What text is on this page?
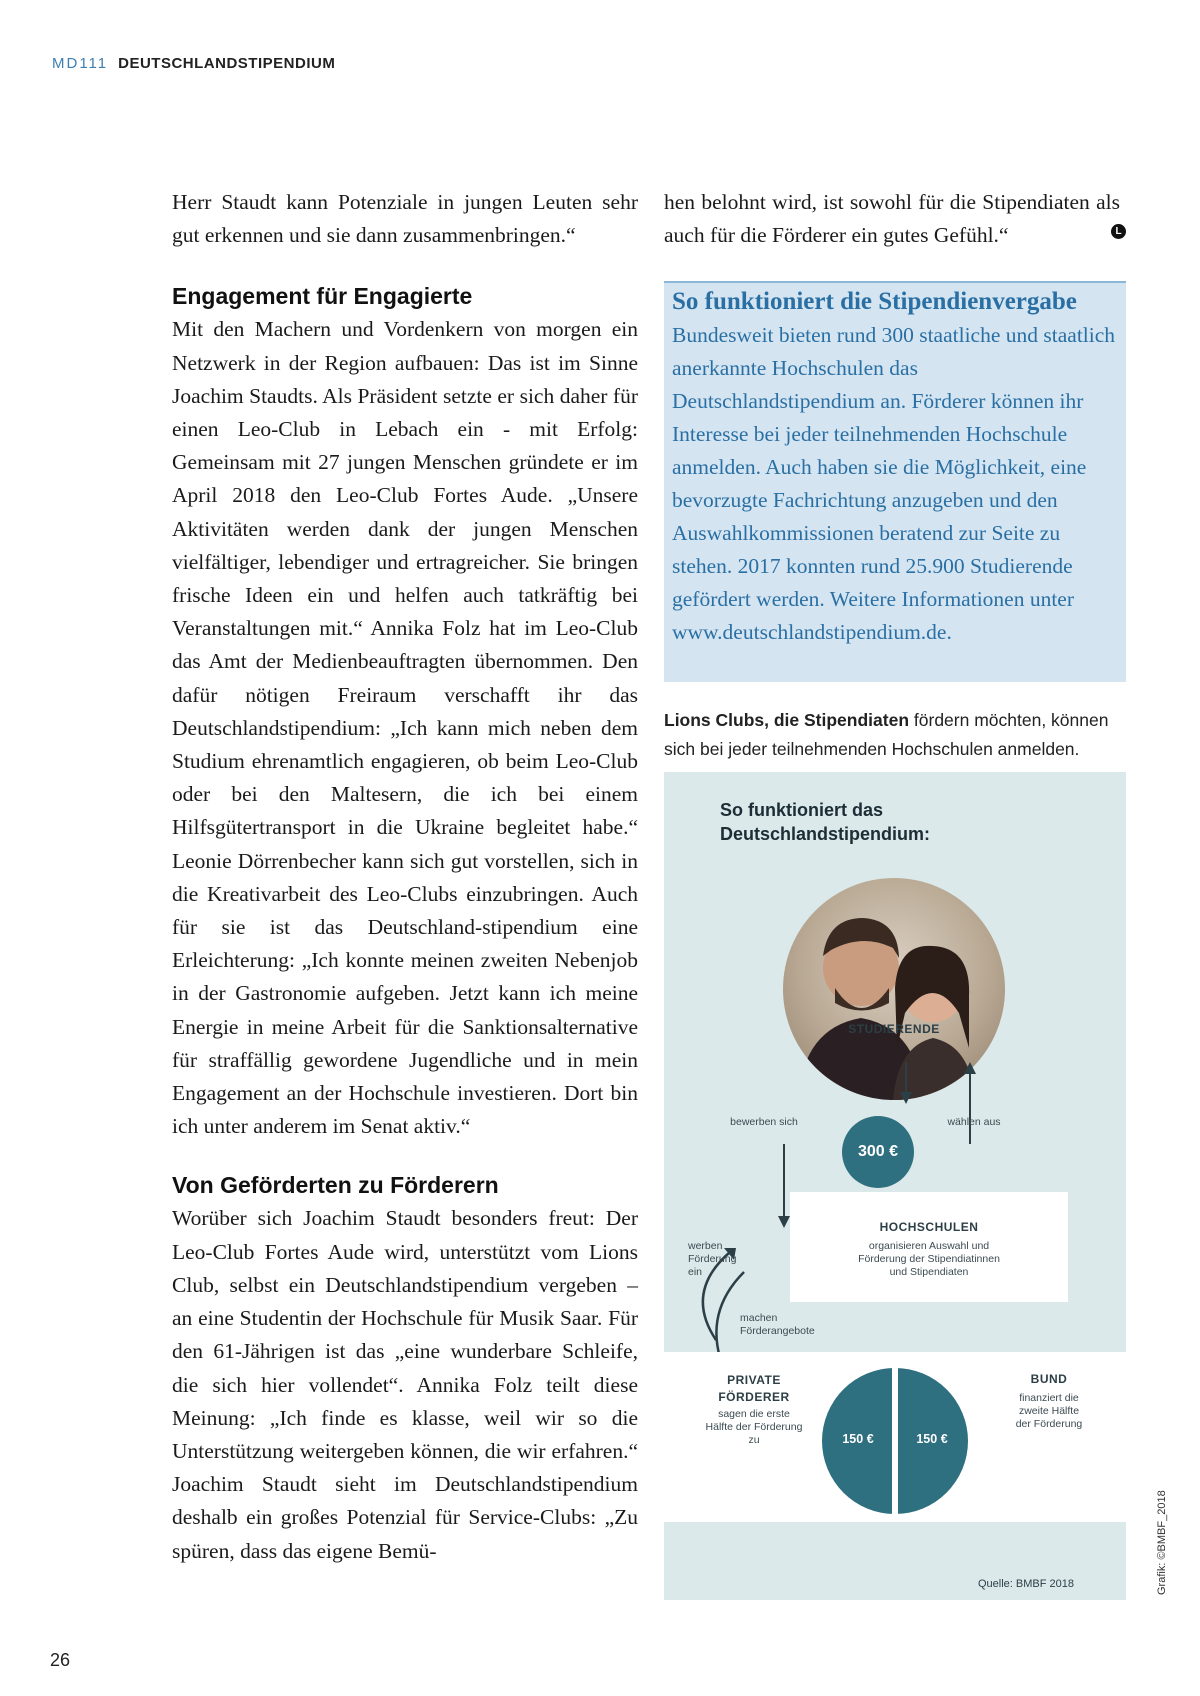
MD111 DEUTSCHLANDSTIPENDIUM

Herr Staudt kann Potenziale in jungen Leuten sehr gut erkennen und sie dann zusammenbringen.“

Engagement für Engagierte

Mit den Machern und Vordenkern von morgen ein Netzwerk in der Region aufbauen: Das ist im Sinne Joachim Staudts. Als Präsident setzte er sich daher für einen Leo-Club in Lebach ein - mit Erfolg: Gemeinsam mit 27 jungen Menschen gründete er im April 2018 den Leo-Club Fortes Aude. „Unsere Aktivitäten werden dank der jungen Menschen vielfältiger, lebendiger und ertragreicher. Sie bringen frische Ideen ein und helfen auch tatkräftig bei Veranstaltungen mit.“ Annika Folz hat im Leo-Club das Amt der Medienbeauftragten übernommen. Den dafür nötigen Freiraum verschafft ihr das Deutschlandstipendium: „Ich kann mich neben dem Studium ehrenamtlich engagieren, ob beim Leo-Club oder bei den Maltesern, die ich bei einem Hilfsgütertransport in die Ukraine begleitet habe.“ Leonie Dörrenbecher kann sich gut vorstellen, sich in die Kreativarbeit des Leo-Clubs einzubringen. Auch für sie ist das Deutschland-stipendium eine Erleichterung: „Ich konnte meinen zweiten Nebenjob in der Gastronomie aufgeben. Jetzt kann ich meine Energie in meine Arbeit für die Sanktionsalternative für straffällig gewordene Jugendliche und in mein Engagement an der Hochschule investieren. Dort bin ich unter anderem im Senat aktiv.“

Von Geförderten zu Förderern

Worüber sich Joachim Staudt besonders freut: Der Leo-Club Fortes Aude wird, unterstützt vom Lions Club, selbst ein Deutschlandstipendium vergeben – an eine Studentin der Hochschule für Musik Saar. Für den 61-Jährigen ist das „eine wunderbare Schleife, die sich hier vollendet“. Annika Folz teilt diese Meinung: „Ich finde es klasse, weil wir so die Unterstützung weitergeben können, die wir erfahren.“ Joachim Staudt sieht im Deutschlandstipendium deshalb ein großes Potenzial für Service-Clubs: „Zu spüren, dass das eigene Bemü-

hen belohnt wird, ist sowohl für die Stipendiaten als auch für die Förderer ein gutes Gefühl.“	L
So funktioniert die Stipendienvergabe
Bundesweit bieten rund 300 staatliche und staatlich anerkannte Hochschulen das Deutschlandstipendium an. Förderer können ihr Interesse bei jeder teilnehmenden Hochschule anmelden. Auch haben sie die Möglichkeit, eine bevorzugte Fachrichtung anzugeben und den Auswahlkommissionen beratend zur Seite zu stehen. 2017 konnten rund 25.900 Studierende gefördert werden. Weitere Informationen unter www.deutschlandstipendium.de.
Lions Clubs, die Stipendiaten fördern möchten, können sich bei jeder teilnehmenden Hochschulen anmelden.
So funktioniert das
Deutschlandstipendium:
STUDIERENDE
bewerben sich	wählen aus
300 €
HOCHSCHULEN
organisieren Auswahl und Förderung der Stipendiatinnen und Stipendiaten
werben Förderung ein
machen Förderangebote
PRIVATE FÖRDERER
sagen die erste Hälfte der Förderung zu	150 €	150 €
BUND
finanziert die zweite Hälfte der Förderung
Quelle: BMBF 2018	Grafik: ©BMBF_2018
26
